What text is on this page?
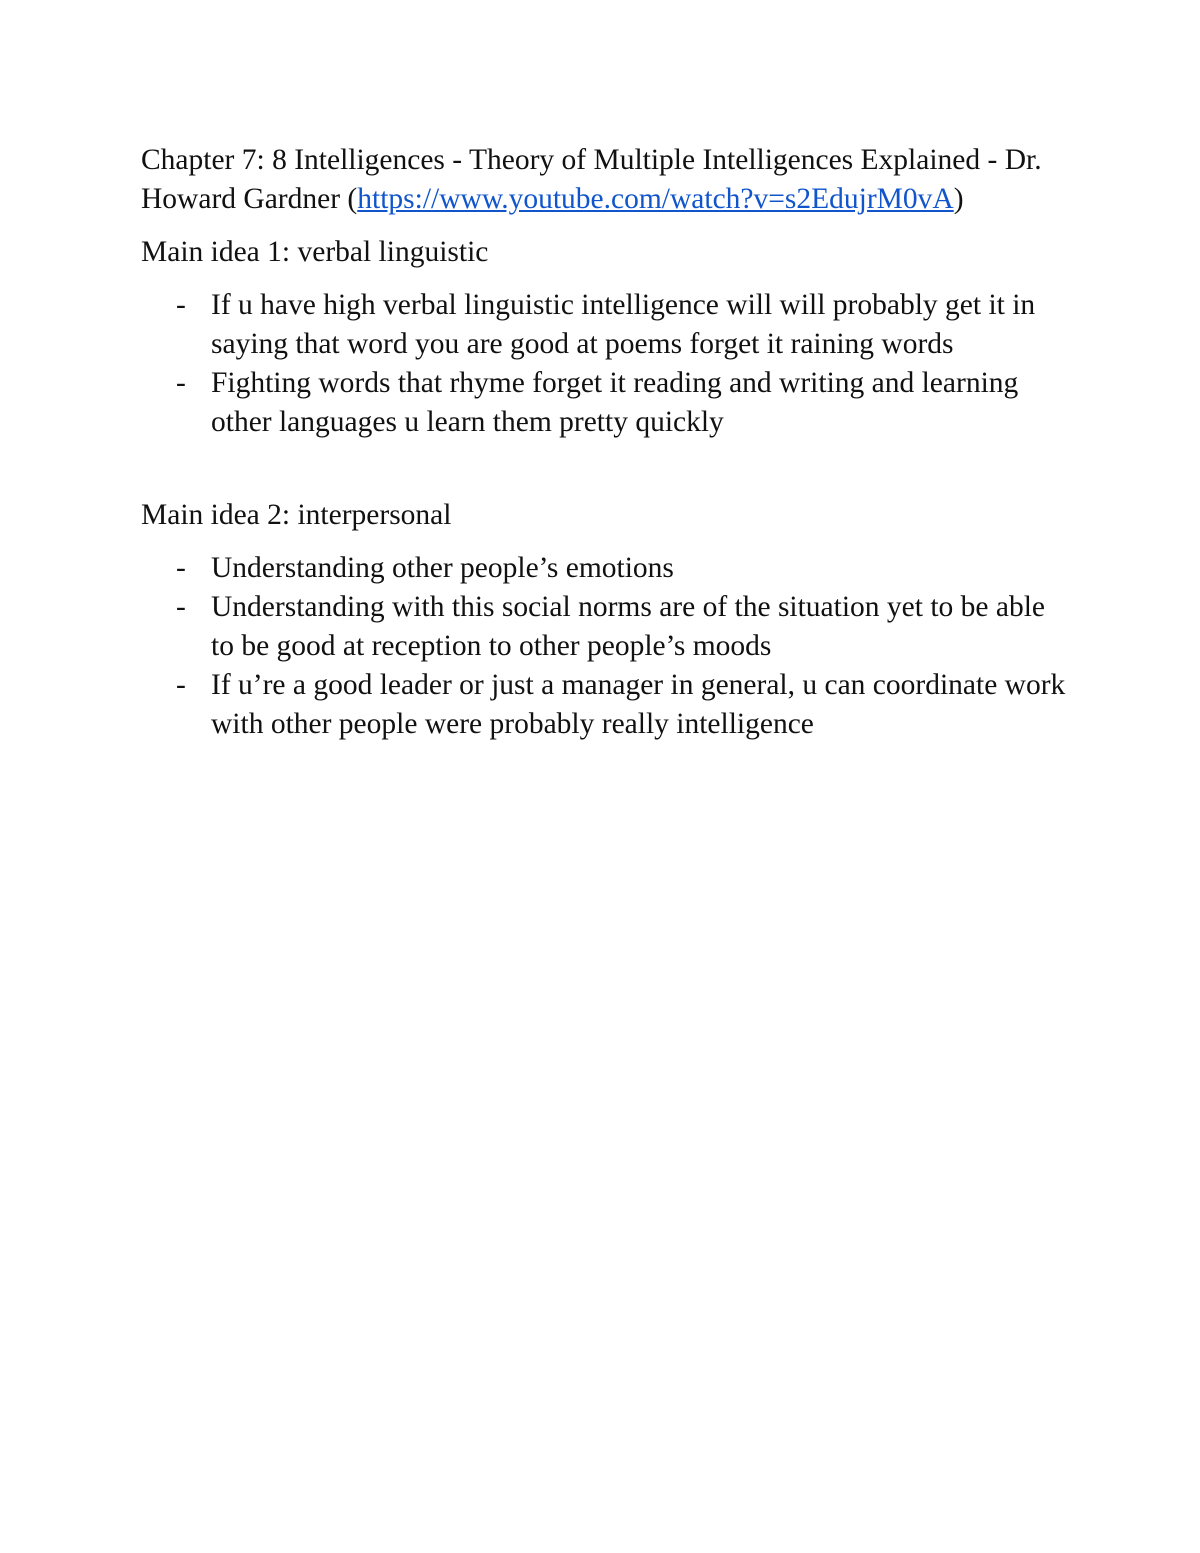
Chapter 7: 8 Intelligences - Theory of Multiple Intelligences Explained - Dr. Howard Gardner (https://www.youtube.com/watch?v=s2EdujrM0vA)

Main idea 1: verbal linguistic

- If u have high verbal linguistic intelligence will will probably get it in saying that word you are good at poems forget it raining words
- Fighting words that rhyme forget it reading and writing and learning other languages u learn them pretty quickly

Main idea 2: interpersonal

- Understanding other people’s emotions
- Understanding with this social norms are of the situation yet to be able to be good at reception to other people’s moods
- If u’re a good leader or just a manager in general, u can coordinate work with other people were probably really intelligence
